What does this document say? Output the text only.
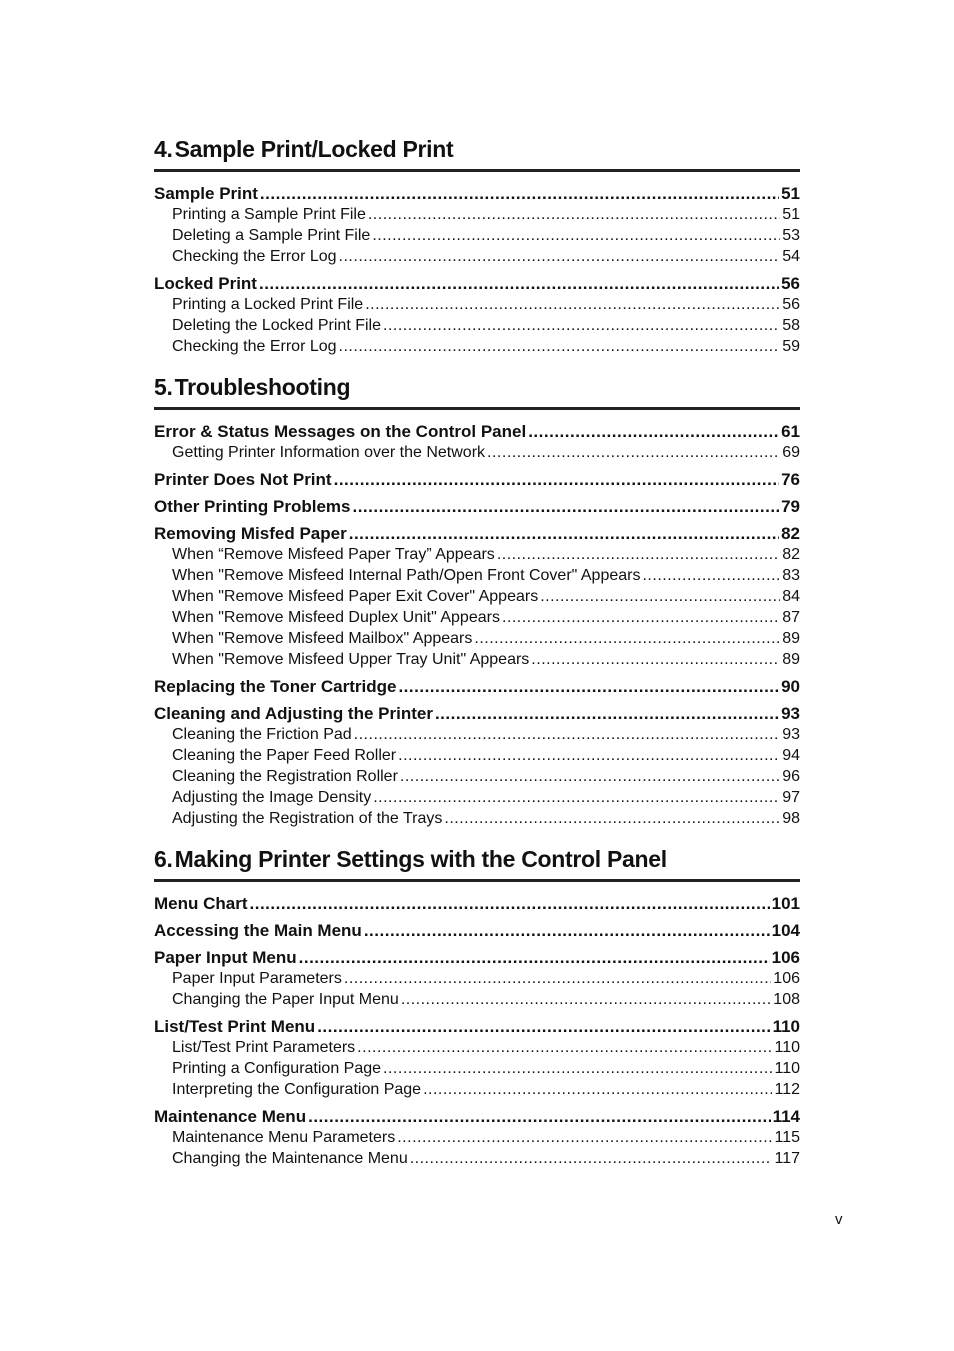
4.Sample Print/Locked Print
Sample Print .....	51
Printing a Sample Print File .....	51
Deleting a Sample Print File .....	53
Checking the Error Log .....	54
Locked Print .....	56
Printing a Locked Print File .....	56
Deleting the Locked Print File .....	58
Checking the Error Log .....	59
5.Troubleshooting
Error & Status Messages on the Control Panel .....	61
Getting Printer Information over the Network .....	69
Printer Does Not Print .....	76
Other Printing Problems .....	79
Removing Misfed Paper .....	82
When “Remove Misfeed Paper Tray” Appears .....	82
When "Remove Misfeed Internal Path/Open Front Cover" Appears .....	83
When "Remove Misfeed Paper Exit Cover" Appears .....	84
When "Remove Misfeed Duplex Unit" Appears .....	87
When "Remove Misfeed Mailbox" Appears .....	89
When "Remove Misfeed Upper Tray Unit" Appears .....	89
Replacing the Toner Cartridge .....	90
Cleaning and Adjusting the Printer .....	93
Cleaning the Friction Pad .....	93
Cleaning the Paper Feed Roller .....	94
Cleaning the Registration Roller .....	96
Adjusting the Image Density .....	97
Adjusting the Registration of the Trays .....	98
6.Making Printer Settings with the Control Panel
Menu Chart .....	101
Accessing the Main Menu .....	104
Paper Input Menu .....	106
Paper Input Parameters .....	106
Changing the Paper Input Menu .....	108
List/Test Print Menu .....	110
List/Test Print Parameters .....	110
Printing a Configuration Page .....	110
Interpreting the Configuration Page .....	112
Maintenance Menu .....	114
Maintenance Menu Parameters .....	115
Changing the Maintenance Menu .....	117
v
